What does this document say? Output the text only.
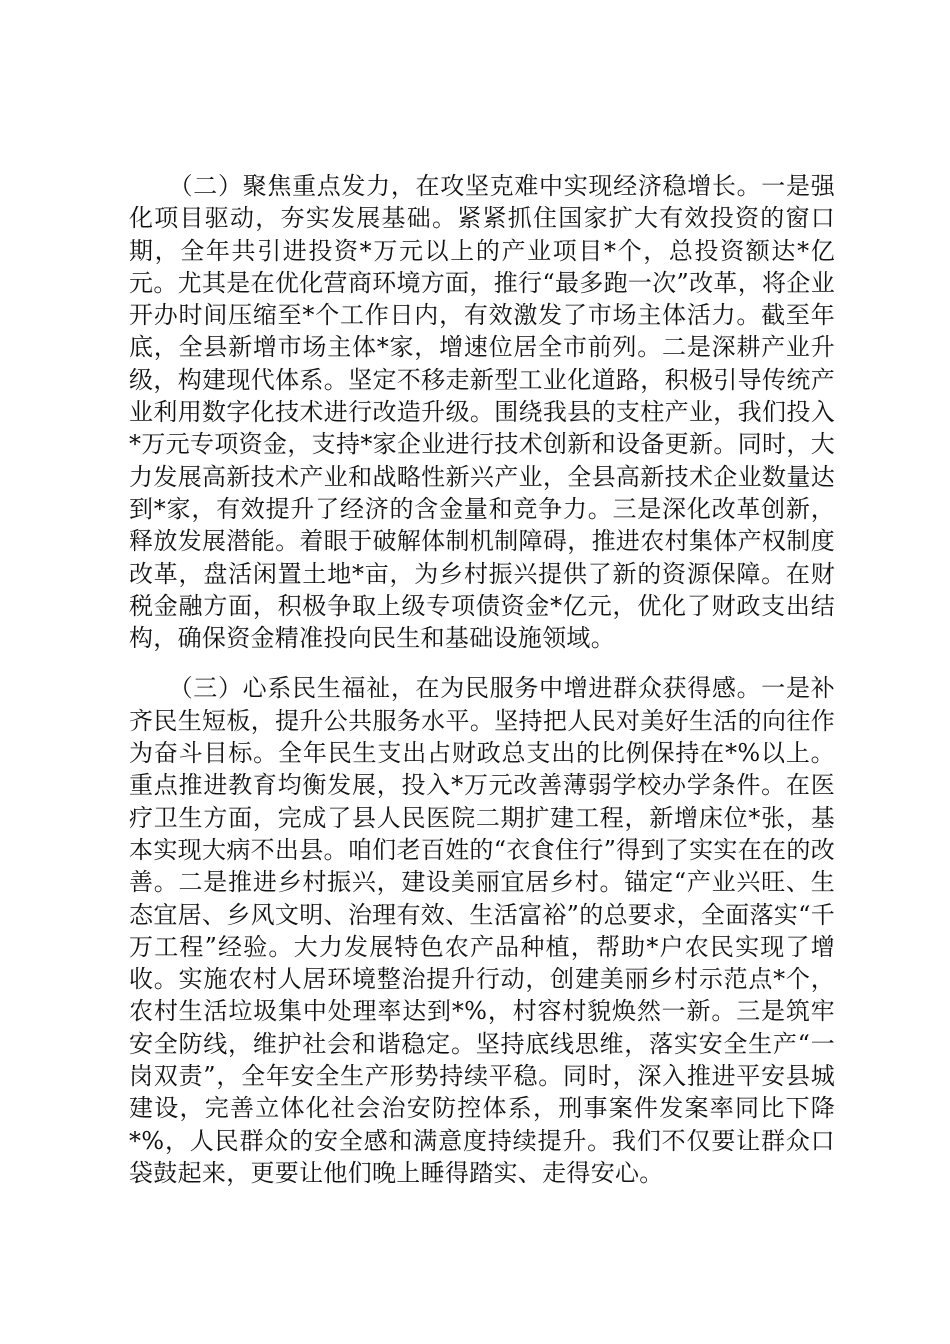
（二）聚焦重点发力，在攻坚克难中实现经济稳增长。一是强化项目驱动，夯实发展基础。紧紧抓住国家扩大有效投资的窗口期，全年共引进投资*万元以上的产业项目*个，总投资额达*亿元。尤其是在优化营商环境方面，推行“最多跑一次”改革，将企业开办时间压缩至*个工作日内，有效激发了市场主体活力。截至年底，全县新增市场主体*家，增速位居全市前列。二是深耕产业升级，构建现代体系。坚定不移走新型工业化道路，积极引导传统产业利用数字化技术进行改造升级。围绕我县的支柱产业，我们投入*万元专项资金，支持*家企业进行技术创新和设备更新。同时，大力发展高新技术产业和战略性新兴产业，全县高新技术企业数量达到*家，有效提升了经济的含金量和竞争力。三是深化改革创新，释放发展潜能。着眼于破解体制机制障碍，推进农村集体产权制度改革，盘活闲置土地*亩，为乡村振兴提供了新的资源保障。在财税金融方面，积极争取上级专项债资金*亿元，优化了财政支出结构，确保资金精准投向民生和基础设施领域。

（三）心系民生福祉，在为民服务中增进群众获得感。一是补齐民生短板，提升公共服务水平。坚持把人民对美好生活的向往作为奋斗目标。全年民生支出占财政总支出的比例保持在*%以上。重点推进教育均衡发展，投入*万元改善薄弱学校办学条件。在医疗卫生方面，完成了县人民医院二期扩建工程，新增床位*张，基本实现大病不出县。咱们老百姓的“衣食住行”得到了实实在在的改善。二是推进乡村振兴，建设美丽宜居乡村。锚定“产业兴旺、生态宜居、乡风文明、治理有效、生活富裕”的总要求，全面落实“千万工程”经验。大力发展特色农产品种植，帮助*户农民实现了增收。实施农村人居环境整治提升行动，创建美丽乡村示范点*个，农村生活垃圾集中处理率达到*%，村容村貌焕然一新。三是筑牢安全防线，维护社会和谐稳定。坚持底线思维，落实安全生产“一岗双责”，全年安全生产形势持续平稳。同时，深入推进平安县城建设，完善立体化社会治安防控体系，刑事案件发案率同比下降*%，人民群众的安全感和满意度持续提升。我们不仅要让群众口袋鼓起来，更要让他们晚上睡得踏实、走得安心。
